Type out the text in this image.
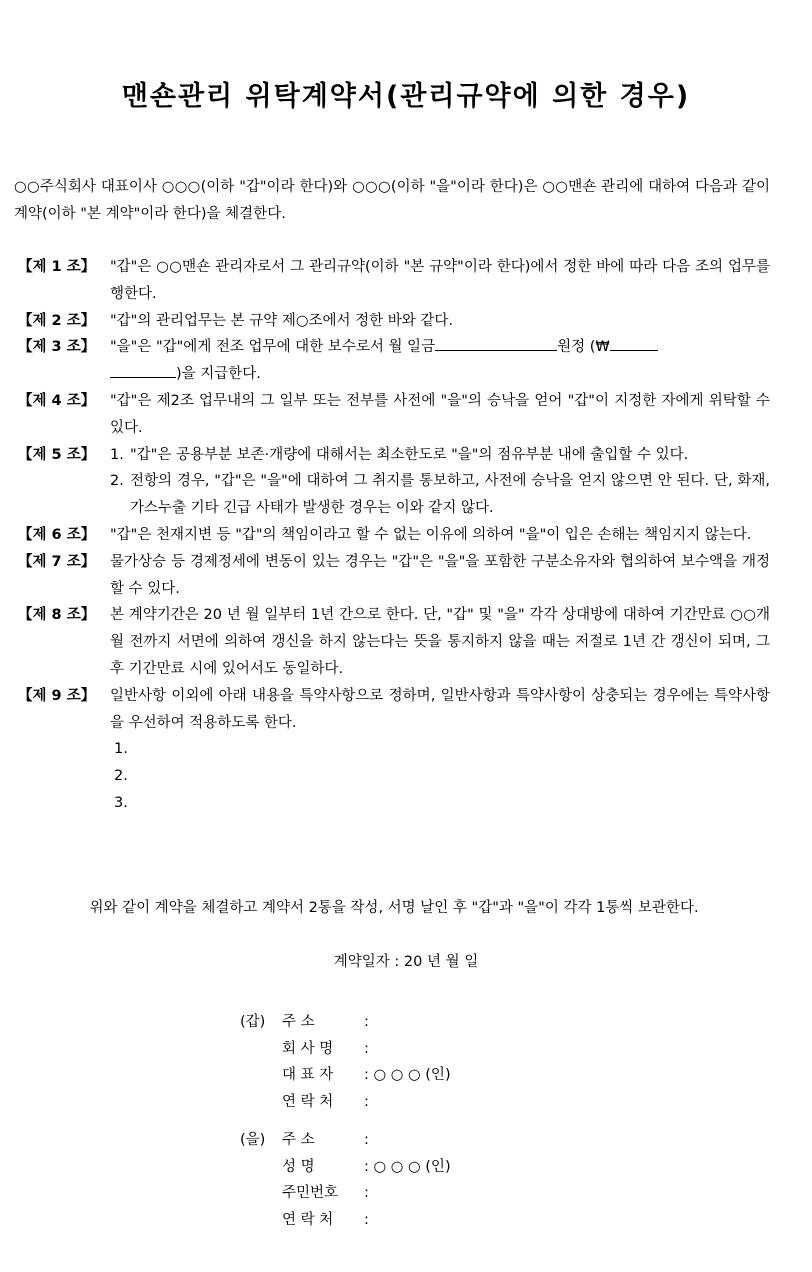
맨숀관리 위탁계약서(관리규약에 의한 경우)
○○주식회사 대표이사 ○○○(이하 "갑"이라 한다)와 ○○○(이하 "을"이라 한다)은 ○○맨숀 관리에 대하여 다음과 같이 계약(이하 "본 계약"이라 한다)을 체결한다.
【제 1 조】	"갑"은 ○○맨숀 관리자로서 그 관리규약(이하 "본 규약"이라 한다)에서 정한 바에 따라 다음 조의 업무를 행한다.
【제 2 조】	"갑"의 관리업무는 본 규약 제○조에서 정한 바와 같다.
【제 3 조】	"을"은 "갑"에게 전조 업무에 대한 보수로서 월 일금	원정 (₩
)을 지급한다.
【제 4 조】	"갑"은 제2조 업무내의 그 일부 또는 전부를 사전에 "을"의 승낙을 얻어 "갑"이 지정한 자에게 위탁할 수 있다.
【제 5 조】	1. "갑"은 공용부분 보존·개량에 대해서는 최소한도로 "을"의 점유부분 내에 출입할 수 있다.
2. 전항의 경우, "갑"은 "을"에 대하여 그 취지를 통보하고, 사전에 승낙을 얻지 않으면 안 된다. 단, 화재, 가스누출 기타 긴급 사태가 발생한 경우는 이와 같지 않다.
【제 6 조】	"갑"은 천재지변 등 "갑"의 책임이라고 할 수 없는 이유에 의하여 "을"이 입은 손해는 책임지지 않는다.
【제 7 조】	물가상승 등 경제정세에 변동이 있는 경우는 "갑"은 "을"을 포함한 구분소유자와 협의하여 보수액을 개정할 수 있다.
【제 8 조】	본 계약기간은 20 년 월 일부터 1년 간으로 한다. 단, "갑" 및 "을" 각각 상대방에 대하여 기간만료 ○○개월 전까지 서면에 의하여 갱신을 하지 않는다는 뜻을 통지하지 않을 때는 저절로 1년 간 갱신이 되며, 그 후 기간만료 시에 있어서도 동일하다.
【제 9 조】	일반사항 이외에 아래 내용을 특약사항으로 정하며, 일반사항과 특약사항이 상충되는 경우에는 특약사항을 우선하여 적용하도록 한다.

1.
2.
3.
위와 같이 계약을 체결하고 계약서 2통을 작성, 서명 날인 후 "갑"과 "을"이 각각 1통씩 보관한다.
계약일자 : 20 년 월 일
(갑)	주 소	:
회 사 명	:
대 표 자	: ○ ○ ○ (인)
연 락 처	:
(을)	주 소	:
성 명	: ○ ○ ○ (인)
주민번호	:
연 락 처	:
